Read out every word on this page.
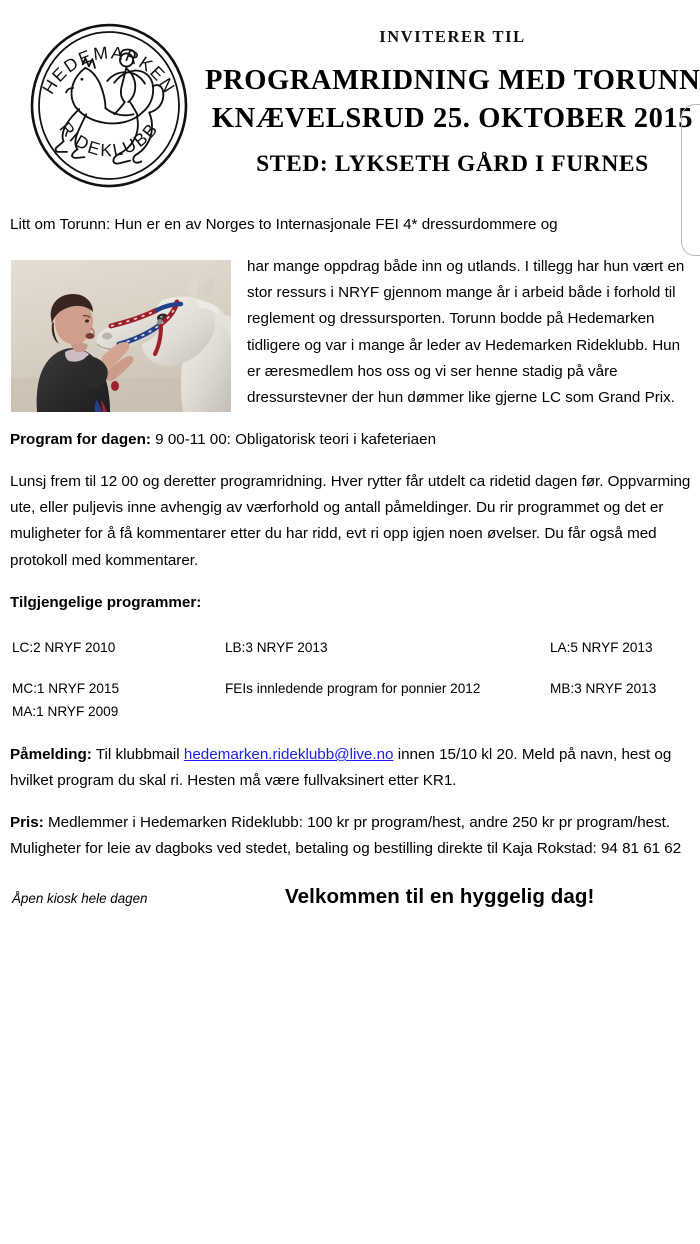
HEDEMARKEN
RIDEKLUBB
INVITERER TIL
PROGRAMRIDNING MED TORUNN
KNÆVELSRUD 25. OKTOBER 2015
STED: LYKSETH GÅRD I FURNES

Litt om Torunn: Hun er en av Norges to Internasjonale FEI 4* dressurdommere og

har mange oppdrag både inn og utlands. I tillegg har hun vært en stor ressurs i NRYF gjennom mange år i arbeid både i forhold til reglement og dressursporten. Torunn bodde på Hedemarken tidligere og var i mange år leder av Hedemarken Rideklubb. Hun er æresmedlem hos oss og vi ser henne stadig på våre dressurstevner der hun dømmer like gjerne LC som Grand Prix.

Program for dagen: 9 00-11 00: Obligatorisk teori i kafeteriaen

Lunsj frem til 12 00 og deretter programridning. Hver rytter får utdelt ca ridetid dagen før. Oppvarming ute, eller puljevis inne avhengig av værforhold og antall påmeldinger. Du rir programmet og det er muligheter for å få kommentarer etter du har ridd, evt ri opp igjen noen øvelser. Du får også med protokoll med kommentarer.

Tilgjengelige programmer:
LC:2 NRYF 2010	LB:3 NRYF 2013	LA:5 NRYF 2013
MC:1 NRYF 2015	FEIs innledende program for ponnier 2012	MB:3 NRYF 2013
MA:1 NRYF 2009

Påmelding: Til klubbmail hedemarken.rideklubb@live.no innen 15/10 kl 20. Meld på navn, hest og hvilket program du skal ri. Hesten må være fullvaksinert etter KR1.

Pris: Medlemmer i Hedemarken Rideklubb: 100 kr pr program/hest, andre 250 kr pr program/hest. Muligheter for leie av dagboks ved stedet, betaling og bestilling direkte til Kaja Rokstad: 94 81 61 62

Åpen kiosk hele dagen	Velkommen til en hyggelig dag!
